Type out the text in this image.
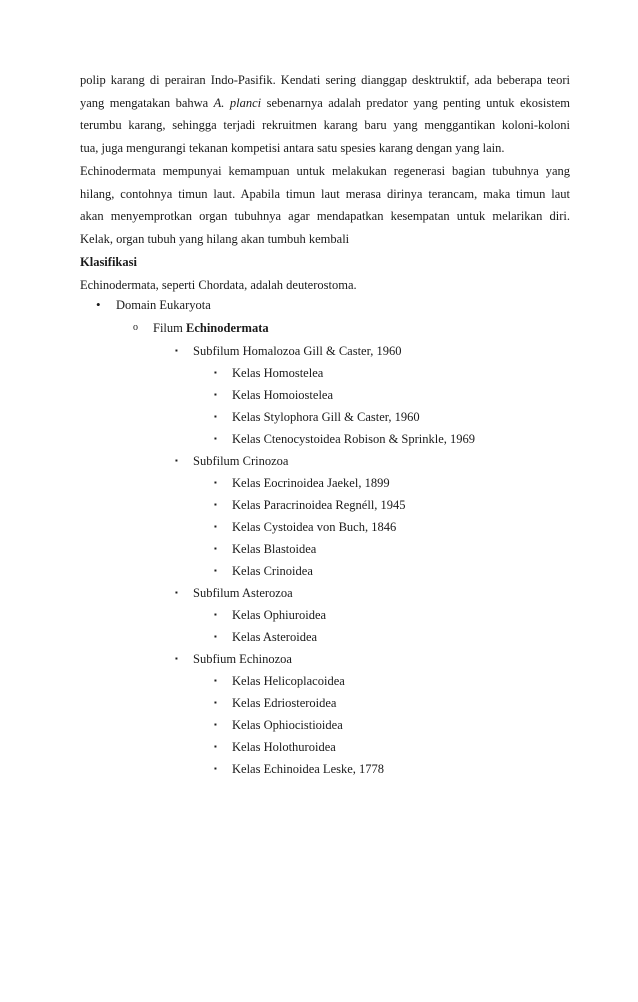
polip karang di perairan Indo-Pasifik. Kendati sering dianggap desktruktif, ada beberapa teori
yang mengatakan bahwa A. planci sebenarnya adalah predator yang penting untuk ekosistem
terumbu karang, sehingga terjadi rekruitmen karang baru yang menggantikan koloni-koloni
tua, juga mengurangi tekanan kompetisi antara satu spesies karang dengan yang lain.
Echinodermata mempunyai kemampuan untuk melakukan regenerasi bagian tubuhnya yang
hilang, contohnya timun laut. Apabila timun laut merasa dirinya terancam, maka timun laut
akan menyemprotkan organ tubuhnya agar mendapatkan kesempatan untuk melarikan diri.
Kelak, organ tubuh yang hilang akan tumbuh kembali
Klasifikasi
Echinodermata, seperti Chordata, adalah deuterostoma.
• Domain Eukaryota
o Filum Echinodermata
▪ Subfilum Homalozoa Gill & Caster, 1960
▪ Kelas Homostelea
▪ Kelas Homoiostelea
▪ Kelas Stylophora Gill & Caster, 1960
▪ Kelas Ctenocystoidea Robison & Sprinkle, 1969
▪ Subfilum Crinozoa
▪ Kelas Eocrinoidea Jaekel, 1899
▪ Kelas Paracrinoidea Regnéll, 1945
▪ Kelas Cystoidea von Buch, 1846
▪ Kelas Blastoidea
▪ Kelas Crinoidea
▪ Subfilum Asterozoa
▪ Kelas Ophiuroidea
▪ Kelas Asteroidea
▪ Subfium Echinozoa
▪ Kelas Helicoplacoidea
▪ Kelas Edriosteroidea
▪ Kelas Ophiocistioidea
▪ Kelas Holothuroidea
▪ Kelas Echinoidea Leske, 1778
